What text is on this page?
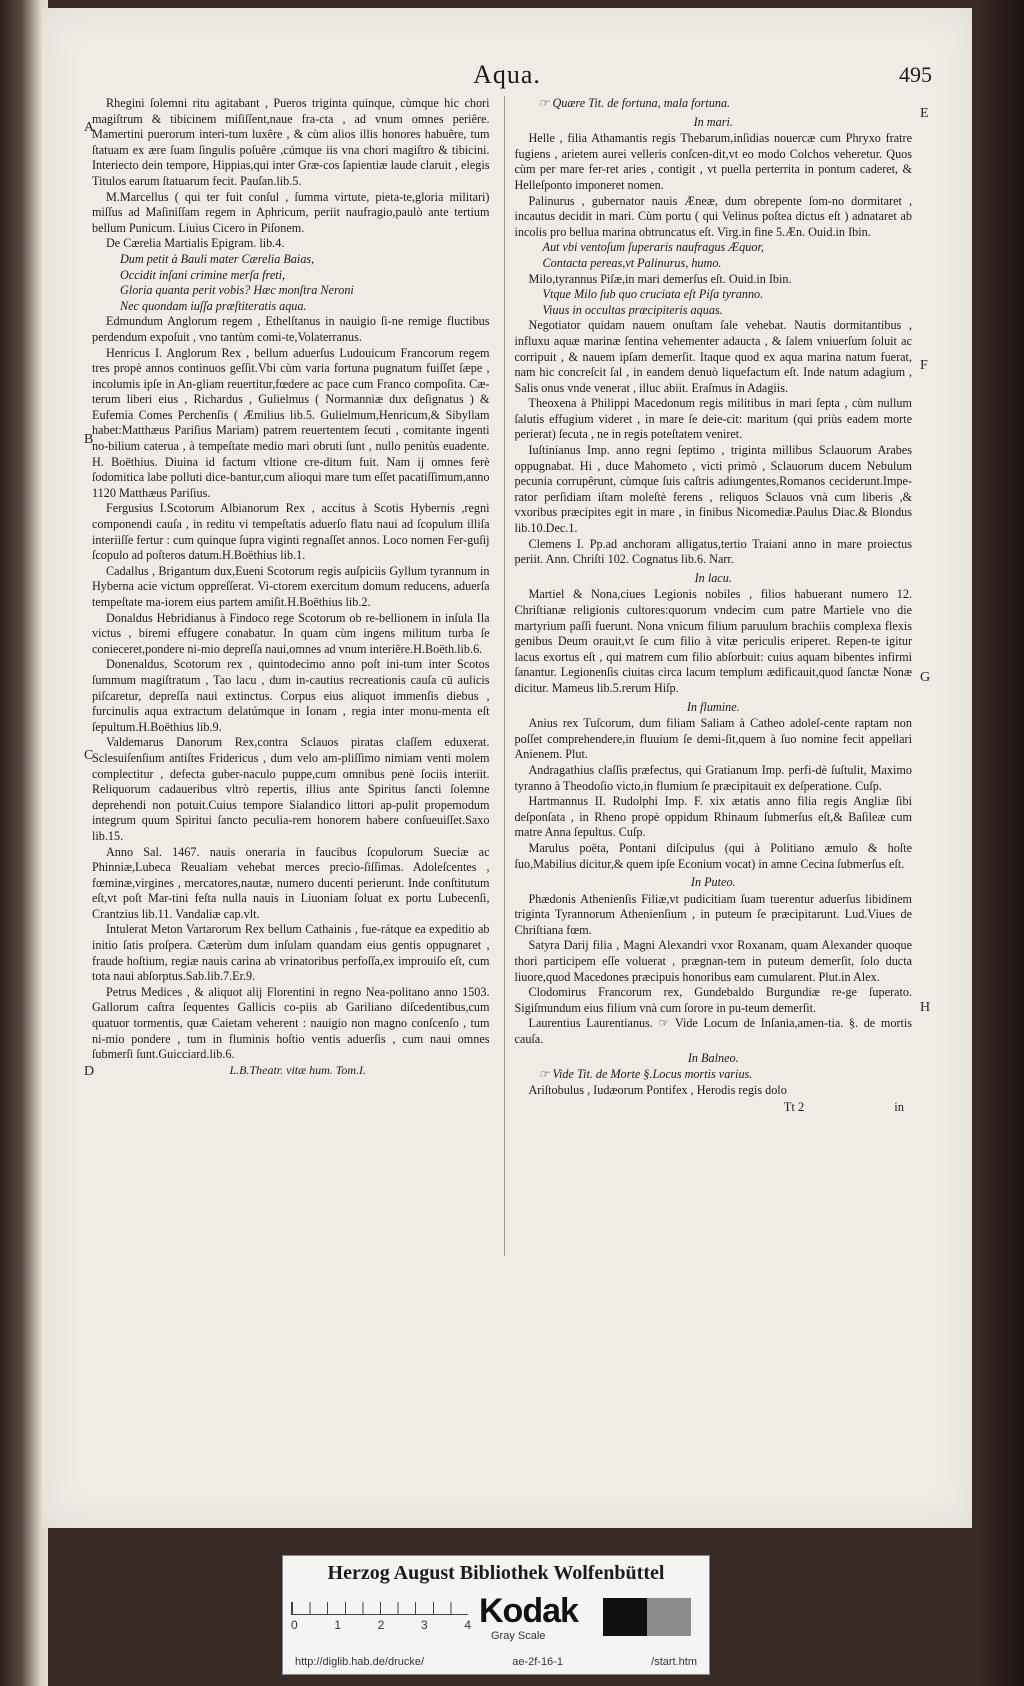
Aqua.	495
A
B
C
D
E
F
G
H

Rhegini ſolemni ritu agitabant , Pueros triginta quinque, cùmque hic chori magiſtrum & tibicinem miſiſſent,naue fra-cta , ad vnum omnes periêre. Mamertini puerorum interi-tum luxêre , & cùm alios illis honores habuêre, tum ſtatuam ex ære ſuam ſingulis poſuêre ,cúmque iis vna chori magiſtro & tibicini. Interiecto dein tempore, Hippias,qui inter Græ-cos ſapientiæ laude claruit , elegis Titulos earum ſtatuarum fecit. Pauſan.lib.5.

M.Marcellus ( qui ter fuit conſul , ſumma virtute, pieta-te,gloria militari) miſſus ad Maſiniſſam regem in Aphricum, periit naufragio,paulò ante tertium bellum Punicum. Liuius Cicero in Piſonem.

De Cærelia Martialis Epigram. lib.4.

Dum petit à Bauli mater Cærelia Baias,

Occidit inſani crimine merſa freti,

Gloria quanta perit vobis? Hæc monſtra Neroni

Nec quondam iuſſa præſtiteratis aqua.

Edmundum Anglorum regem , Ethelſtanus in nauigio ſi-ne remige fluctibus perdendum expoſuit , vno tantùm comi-te,Volaterranus.

Henricus I. Anglorum Rex , bellum aduerſus Ludouicum Francorum regem tres propè annos continuos geſſit.Vbi cùm varia fortuna pugnatum fuiſſet ſæpe , incolumis ipſe in An-gliam reuertitur,fœdere ac pace cum Franco compoſita. Cæ-terum liberi eius , Richardus , Gulielmus ( Normanniæ dux deſignatus ) & Eufemia Comes Perchenſis ( Æmilius lib.5. Gulielmum,Henricum,& Sibyllam habet:Matthæus Pariſius Mariam) patrem reuertentem ſecuti , comitante ingenti no-bilium caterua , à tempeſtate medio mari obruti ſunt , nullo penitùs euadente. H. Boëthius. Diuina id factum vltione cre-ditum fuit. Nam ij omnes ferè ſodomitica labe polluti dice-bantur,cum alioqui mare tum eſſet pacatiſſimum,anno 1120 Matthæus Pariſius.

Fergusius I.Scotorum Albianorum Rex , accitus à Scotis Hybernis ,regni componendi cauſa , in reditu vi tempeſtatis aduerſo flatu naui ad ſcopulum illiſa interiiſſe fertur : cum quinque ſupra viginti regnaſſet annos. Loco nomen Fer-guſij ſcopulo ad poſteros datum.H.Boëthius lib.1.

Cadallus , Brigantum dux,Eueni Scotorum regis auſpiciis Gyllum tyrannum in Hyberna acie victum oppreſſerat. Vi-ctorem exercitum domum reducens, aduerſa tempeſtate ma-iorem eius partem amiſit.H.Boëthius lib.2.

Donaldus Hebridianus à Findoco rege Scotorum ob re-bellionem in inſula Ila victus , biremi effugere conabatur. In quam cùm ingens militum turba ſe conieceret,pondere ni-mio depreſſa naui,omnes ad vnum interiêre.H.Boëth.lib.6.

Donenaldus, Scotorum rex , quintodecimo anno poſt ini-tum inter Scotos ſummum magiſtratum , Tao lacu , dum in-cautius recreationis cauſa cū aulicis piſcaretur, depreſſa naui extinctus. Corpus eius aliquot immenſis diebus , furcinulis aqua extractum delatúmque in Ionam , regia inter monu-menta eſt ſepultum.H.Boëthius lib.9.

Valdemarus Danorum Rex,contra Sclauos piratas claſſem eduxerat. Sclesuiſenſium antiſtes Fridericus , dum velo am-pliſſimo nimiam venti molem complectitur , defecta guber-naculo puppe,cum omnibus penè ſociis interiit. Reliquorum cadaueribus vltrò repertis, illius ante Spiritus ſancti ſolemne deprehendi non potuit.Cuius tempore Sialandico littori ap-pulit propemodum integrum quum Spiritui ſancto peculia-rem honorem habere conſueuiſſet.Saxo lib.15.

Anno Sal. 1467. nauis oneraria in faucibus ſcopulorum Sueciæ ac Phinniæ,Lubeca Reualiam vehebat merces precio-ſiſſimas. Adoleſcentes , fœminæ,virgines , mercatores,nautæ, numero ducenti perierunt. Inde conſtitutum eſt,vt poſt Mar-tini feſta nulla nauis in Liuoniam ſoluat ex portu Lubecenſi, Crantzius lib.11. Vandaliæ cap.vlt.

Intulerat Meton Vartarorum Rex bellum Cathainis , fue-rátque ea expeditio ab initio ſatis proſpera. Cæterùm dum inſulam quandam eius gentis oppugnaret , fraude hoſtium, regiæ nauis carina ab vrinatoribus perfoſſa,ex improuiſo eſt, cum tota naui abſorptus.Sab.lib.7.Er.9.

Petrus Medices , & aliquot alij Florentini in regno Nea-politano anno 1503. Gallorum caſtra ſequentes Gallicis co-piis ab Gariliano diſcedentibus,cum quatuor tormentis, quæ Caietam veherent : nauigio non magno conſcenſo , tum ni-mio pondere , tum in fluminis hoſtio ventis aduerſis , cum naui omnes ſubmerſi ſunt.Guicciard.lib.6.

L.B.Theatr. vitæ hum. Tom.I.

☞ Quære Tit. de fortuna, mala fortuna.

In mari.

Helle , filia Athamantis regis Thebarum,inſidias nouercæ cum Phryxo fratre fugiens , arietem aurei velleris conſcen-dit,vt eo modo Colchos veheretur. Quos cùm per mare fer-ret aries , contigit , vt puella perterrita in pontum caderet, & Helleſponto imponeret nomen.

Palinurus , gubernator nauis Æneæ, dum obrepente ſom-no dormitaret , incautus decidit in mari. Cùm portu ( qui Velinus poſtea dictus eſt ) adnataret ab incolis pro bellua marina obtruncatus eſt. Virg.in fine 5.Æn. Ouid.in Ibin.

Aut vbi ventoſum ſuperaris naufragus Æquor,

Contacta pereas,vt Palinurus, humo.

Milo,tyrannus Piſæ,in mari demerſus eſt. Ouid.in Ibin.

Vtque Milo ſub quo cruciata eſt Piſa tyranno.

Viuus in occultas præcipiteris aquas.

Negotiator quidam nauem onuſtam ſale vehebat. Nautis dormitantibus , influxu aquæ marinæ ſentina vehementer adaucta , & ſalem vniuerſum ſoluit ac corripuit , & nauem ipſam demerſit. Itaque quod ex aqua marina natum fuerat, nam hic concreſcit ſal , in eandem denuò liquefactum eſt. Inde natum adagium , Salis onus vnde venerat , illuc abiit. Eraſmus in Adagiis.

Theoxena à Philippi Macedonum regis militibus in mari ſepta , cùm nullum ſalutis effugium videret , in mare ſe deie-cit: maritum (qui priùs eadem morte perierat) ſecuta , ne in regis poteſtatem veniret.

Iuſtinianus Imp. anno regni ſeptimo , triginta millibus Sclauorum Arabes oppugnabat. Hi , duce Mahometo , victi primò , Sclauorum ducem Nebulum pecunia corrupêrunt, cùmque ſuis caſtris adiungentes,Romanos ceciderunt.Impe-rator perſidiam iſtam moleſtè ferens , reliquos Sclauos vnà cum liberis ,& vxoribus præcipites egit in mare , in finibus Nicomediæ.Paulus Diac.& Blondus lib.10.Dec.1.

Clemens I. Pp.ad anchoram alligatus,tertio Traiani anno in mare proiectus periit. Ann. Chriſti 102. Cognatus lib.6. Narr.

In lacu.

Martiel & Nona,ciues Legionis nobiles , filios habuerant numero 12. Chriſtianæ religionis cultores:quorum vndecim cum patre Martiele vno die martyrium paſſi fuerunt. Nona vnicum filium paruulum brachiis complexa flexis genibus Deum orauit,vt ſe cum filio à vitæ periculis eriperet. Repen-te igitur lacus exortus eſt , qui matrem cum filio abſorbuit: cuius aquam bibentes infirmi ſanantur. Legionenſis ciuitas circa lacum templum ædificauit,quod ſanctæ Nonæ dicitur. Mameus lib.5.rerum Hiſp.

In flumine.

Anius rex Tuſcorum, dum filiam Saliam à Catheo adoleſ-cente raptam non poſſet comprehendere,in fluuium ſe demi-ſit,quem à ſuo nomine fecit appellari Anienem. Plut.

Andragathius claſſis præfectus, qui Gratianum Imp. perfi-dè ſuſtulit, Maximo tyranno à Theodoſio victo,in flumium ſe præcipitauit ex deſperatione. Cuſp.

Hartmannus II. Rudolphi Imp. F. xix ætatis anno filia regis Angliæ ſibi deſponſata , in Rheno propè oppidum Rhinaum ſubmerſus eſt,& Baſileæ cum matre Anna ſepultus. Cuſp.

Marulus poëta, Pontani diſcipulus (qui à Politiano æmulo & hoſte ſuo,Mabilius dicitur,& quem ipſe Econium vocat) in amne Cecina ſubmerſus eſt.

In Puteo.

Phædonis Athenienſis Filiæ,vt pudicitiam ſuam tuerentur aduerſus libidinem triginta Tyrannorum Athenienſium , in puteum ſe præcipitarunt. Lud.Viues de Chriſtiana fœm.

Satyra Darij filia , Magni Alexandri vxor Roxanam, quam Alexander quoque thori participem eſſe voluerat , prægnan-tem in puteum demerſit, ſolo ducta liuore,quod Macedones præcipuis honoribus eam cumularent. Plut.in Alex.

Clodomirus Francorum rex, Gundebaldo Burgundiæ re-ge ſuperato. Sigiſmundum eius filium vnà cum ſorore in pu-teum demerſit.

Laurentius Laurentianus. ☞ Vide Locum de Inſania,amen-tia. §. de mortis cauſa.

In Balneo.

☞ Vide Tit. de Morte §.Locus mortis varius.

Ariſtobulus , Iudæorum Pontifex , Herodis regis dolo

Tt 2	in
Herzog August Bibliothek Wolfenbüttel
0	1	2	3	4 Kodak
Gray Scale
http://diglib.hab.de/drucke/	ae-2f-16-1	/start.htm
